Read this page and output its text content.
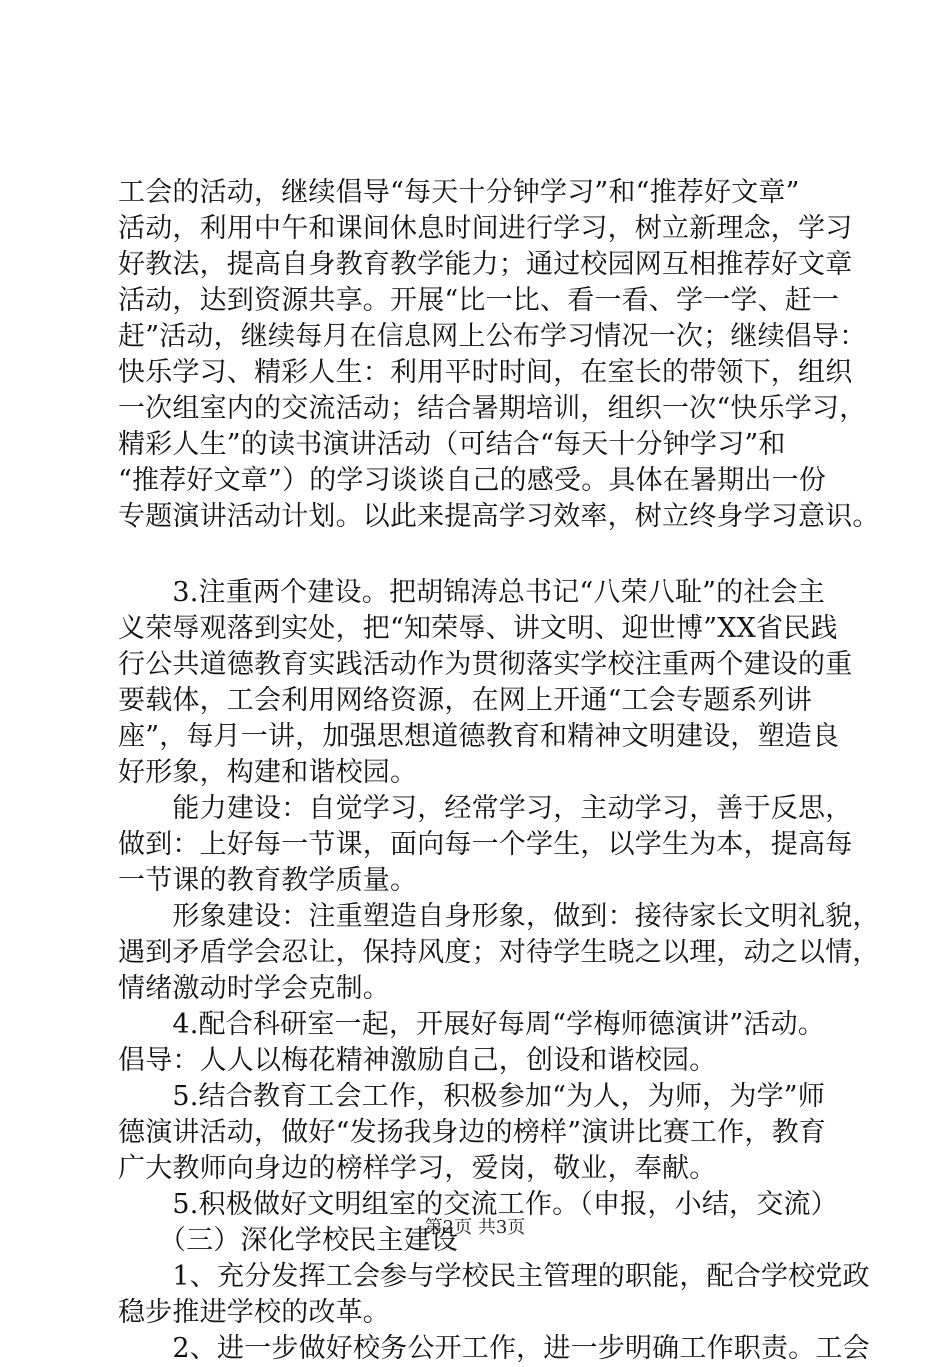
工会的活动，继续倡导“每天十分钟学习”和“推荐好文章”
活动，利用中午和课间休息时间进行学习，树立新理念，学习
好教法，提高自身教育教学能力；通过校园网互相推荐好文章
活动，达到资源共享。开展“比一比、看一看、学一学、赶一
赶”活动，继续每月在信息网上公布学习情况一次；继续倡导：
快乐学习、精彩人生：利用平时时间，在室长的带领下，组织
一次组室内的交流活动；结合暑期培训，组织一次“快乐学习，
精彩人生”的读书演讲活动（可结合“每天十分钟学习”和
“推荐好文章”）的学习谈谈自己的感受。具体在暑期出一份
专题演讲活动计划。以此来提高学习效率，树立终身学习意识。
　　3.注重两个建设。把胡锦涛总书记“八荣八耻”的社会主
义荣辱观落到实处，把“知荣辱、讲文明、迎世博”XX省民践
行公共道德教育实践活动作为贯彻落实学校注重两个建设的重
要载体，工会利用网络资源，在网上开通“工会专题系列讲
座”，每月一讲，加强思想道德教育和精神文明建设，塑造良
好形象，构建和谐校园。
　　能力建设：自觉学习，经常学习，主动学习，善于反思，
做到：上好每一节课，面向每一个学生，以学生为本，提高每
一节课的教育教学质量。
　　形象建设：注重塑造自身形象，做到：接待家长文明礼貌，
遇到矛盾学会忍让，保持风度；对待学生晓之以理，动之以情，
情绪激动时学会克制。
　　4.配合科研室一起，开展好每周“学梅师德演讲”活动。
倡导：人人以梅花精神激励自己，创设和谐校园。
　　5.结合教育工会工作，积极参加“为人，为师，为学”师
德演讲活动，做好“发扬我身边的榜样”演讲比赛工作，教育
广大教师向身边的榜样学习，爱岗，敬业，奉献。
　　5.积极做好文明组室的交流工作。（申报，小结，交流）
　　（三）深化学校民主建设
　　1、充分发挥工会参与学校民主管理的职能，配合学校党政
稳步推进学校的改革。
　　2、进一步做好校务公开工作，进一步明确工作职责。工会
第2页 共3页
